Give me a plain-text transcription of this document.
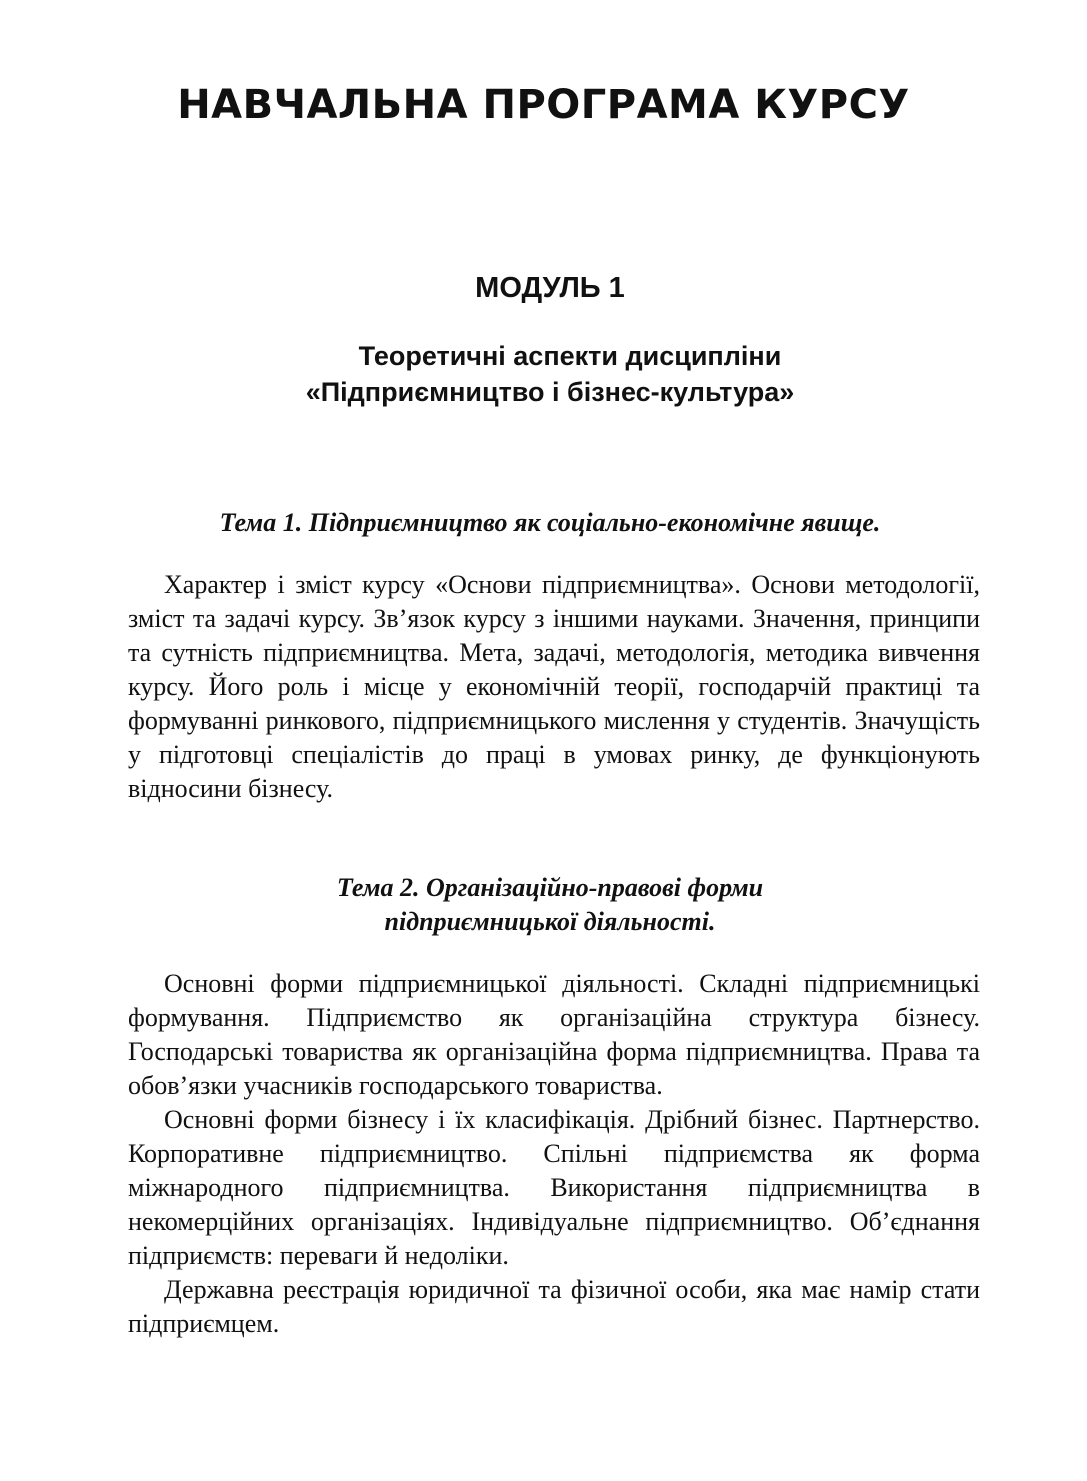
НАВЧАЛЬНА ПРОГРАМА КУРСУ
МОДУЛЬ 1
Теоретичні аспекти дисципліни
«Підприємництво і бізнес-культура»
Тема 1. Підприємництво як соціально-економічне явище.

Характер і зміст курсу «Основи підприємництва». Основи методології, зміст та задачі курсу. Зв’язок курсу з іншими науками. Значення, принципи та сутність підприємництва. Мета, задачі, методологія, методика вивчення курсу. Його роль і місце у економічній теорії, господарчій практиці та формуванні ринкового, підприємницького мислення у студентів. Значущість у підготовці спеціалістів до праці в умовах ринку, де функціонують відносини бізнесу.

Тема 2. Організаційно-правові форми
підприємницької діяльності.

Основні форми підприємницької діяльності. Складні підприємницькі формування. Підприємство як організаційна структура бізнесу. Господарські товариства як організаційна форма підприємництва. Права та обов’язки учасників господарського товариства.

Основні форми бізнесу і їх класифікація. Дрібний бізнес. Партнерство. Корпоративне підприємництво. Спільні підприємства як форма міжнародного підприємництва. Використання підприємництва в некомерційних організаціях. Індивідуальне підприємництво. Об’єднання підприємств: переваги й недоліки.

Державна реєстрація юридичної та фізичної особи, яка має намір стати підприємцем.
